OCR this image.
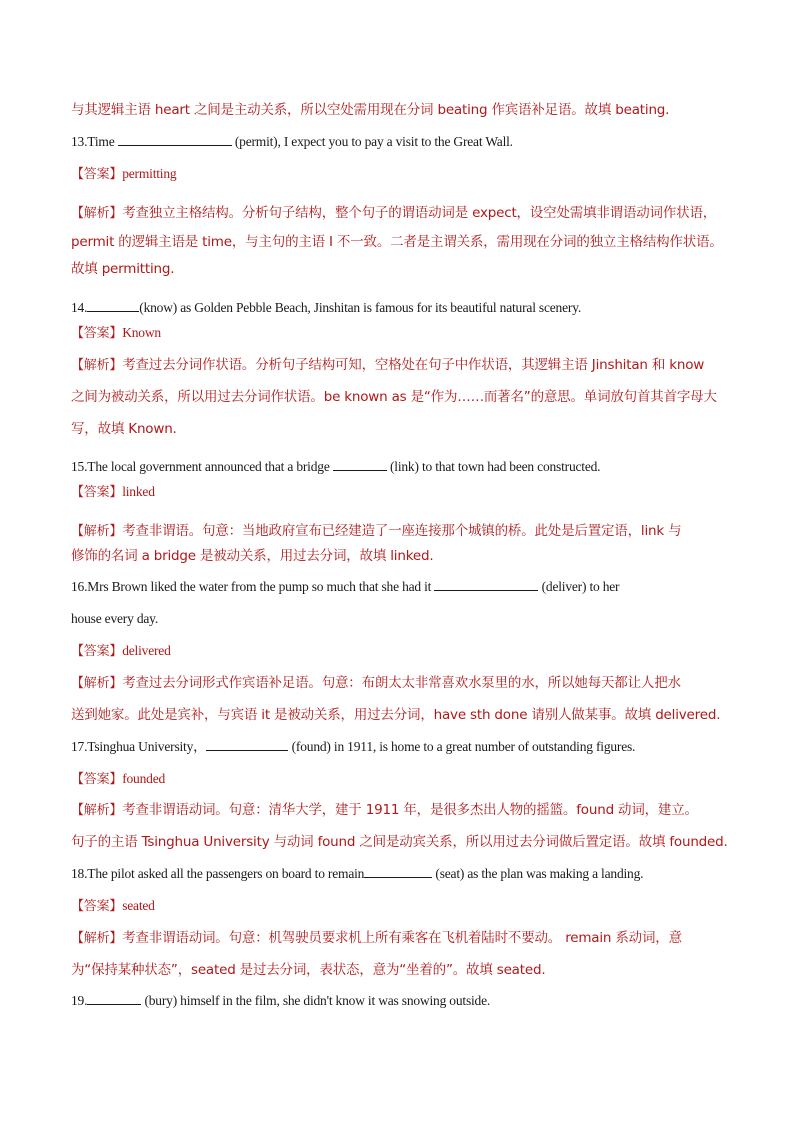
与其逻辑主语 heart 之间是主动关系，所以空处需用现在分词 beating 作宾语补足语。故填 beating.
13.Time	(permit), I expect you to pay a visit to the Great Wall.
【答案】permitting
【解析】考查独立主格结构。分析句子结构，整个句子的谓语动词是 expect，设空处需填非谓语动词作状语，
permit 的逻辑主语是 time，与主句的主语 I 不一致。二者是主谓关系，需用现在分词的独立主格结构作状语。
故填 permitting.
14.	(know) as Golden Pebble Beach, Jinshitan is famous for its beautiful natural scenery.
【答案】Known
【解析】考查过去分词作状语。分析句子结构可知，空格处在句子中作状语，其逻辑主语 Jinshitan 和 know
之间为被动关系，所以用过去分词作状语。be known as 是“作为……而著名”的意思。单词放句首其首字母大
写，故填 Known.
15.The local government announced that a bridge	(link) to that town had been constructed.
【答案】linked
【解析】考查非谓语。句意：当地政府宣布已经建造了一座连接那个城镇的桥。此处是后置定语，link 与
修饰的名词 a bridge 是被动关系，用过去分词，故填 linked.
16.Mrs Brown liked the water from the pump so much that she had it	(deliver) to her
house every day.
【答案】delivered
【解析】考查过去分词形式作宾语补足语。句意：布朗太太非常喜欢水泵里的水，所以她每天都让人把水
送到她家。此处是宾补，与宾语 it 是被动关系，用过去分词，have sth done 请别人做某事。故填 delivered.
17.Tsinghua University，	(found) in 1911, is home to a great number of outstanding figures.
【答案】founded
【解析】考查非谓语动词。句意：清华大学，建于 1911 年，是很多杰出人物的摇篮。found 动词，建立。
句子的主语 Tsinghua University 与动词 found 之间是动宾关系，所以用过去分词做后置定语。故填 founded.
18.The pilot asked all the passengers on board to remain	(seat) as the plan was making a landing.
【答案】seated
【解析】考查非谓语动词。句意：机驾驶员要求机上所有乘客在飞机着陆时不要动。 remain 系动词，意
为“保持某种状态”，seated 是过去分词，表状态，意为“坐着的”。故填 seated.
19.	(bury) himself in the film, she didn't know it was snowing outside.
